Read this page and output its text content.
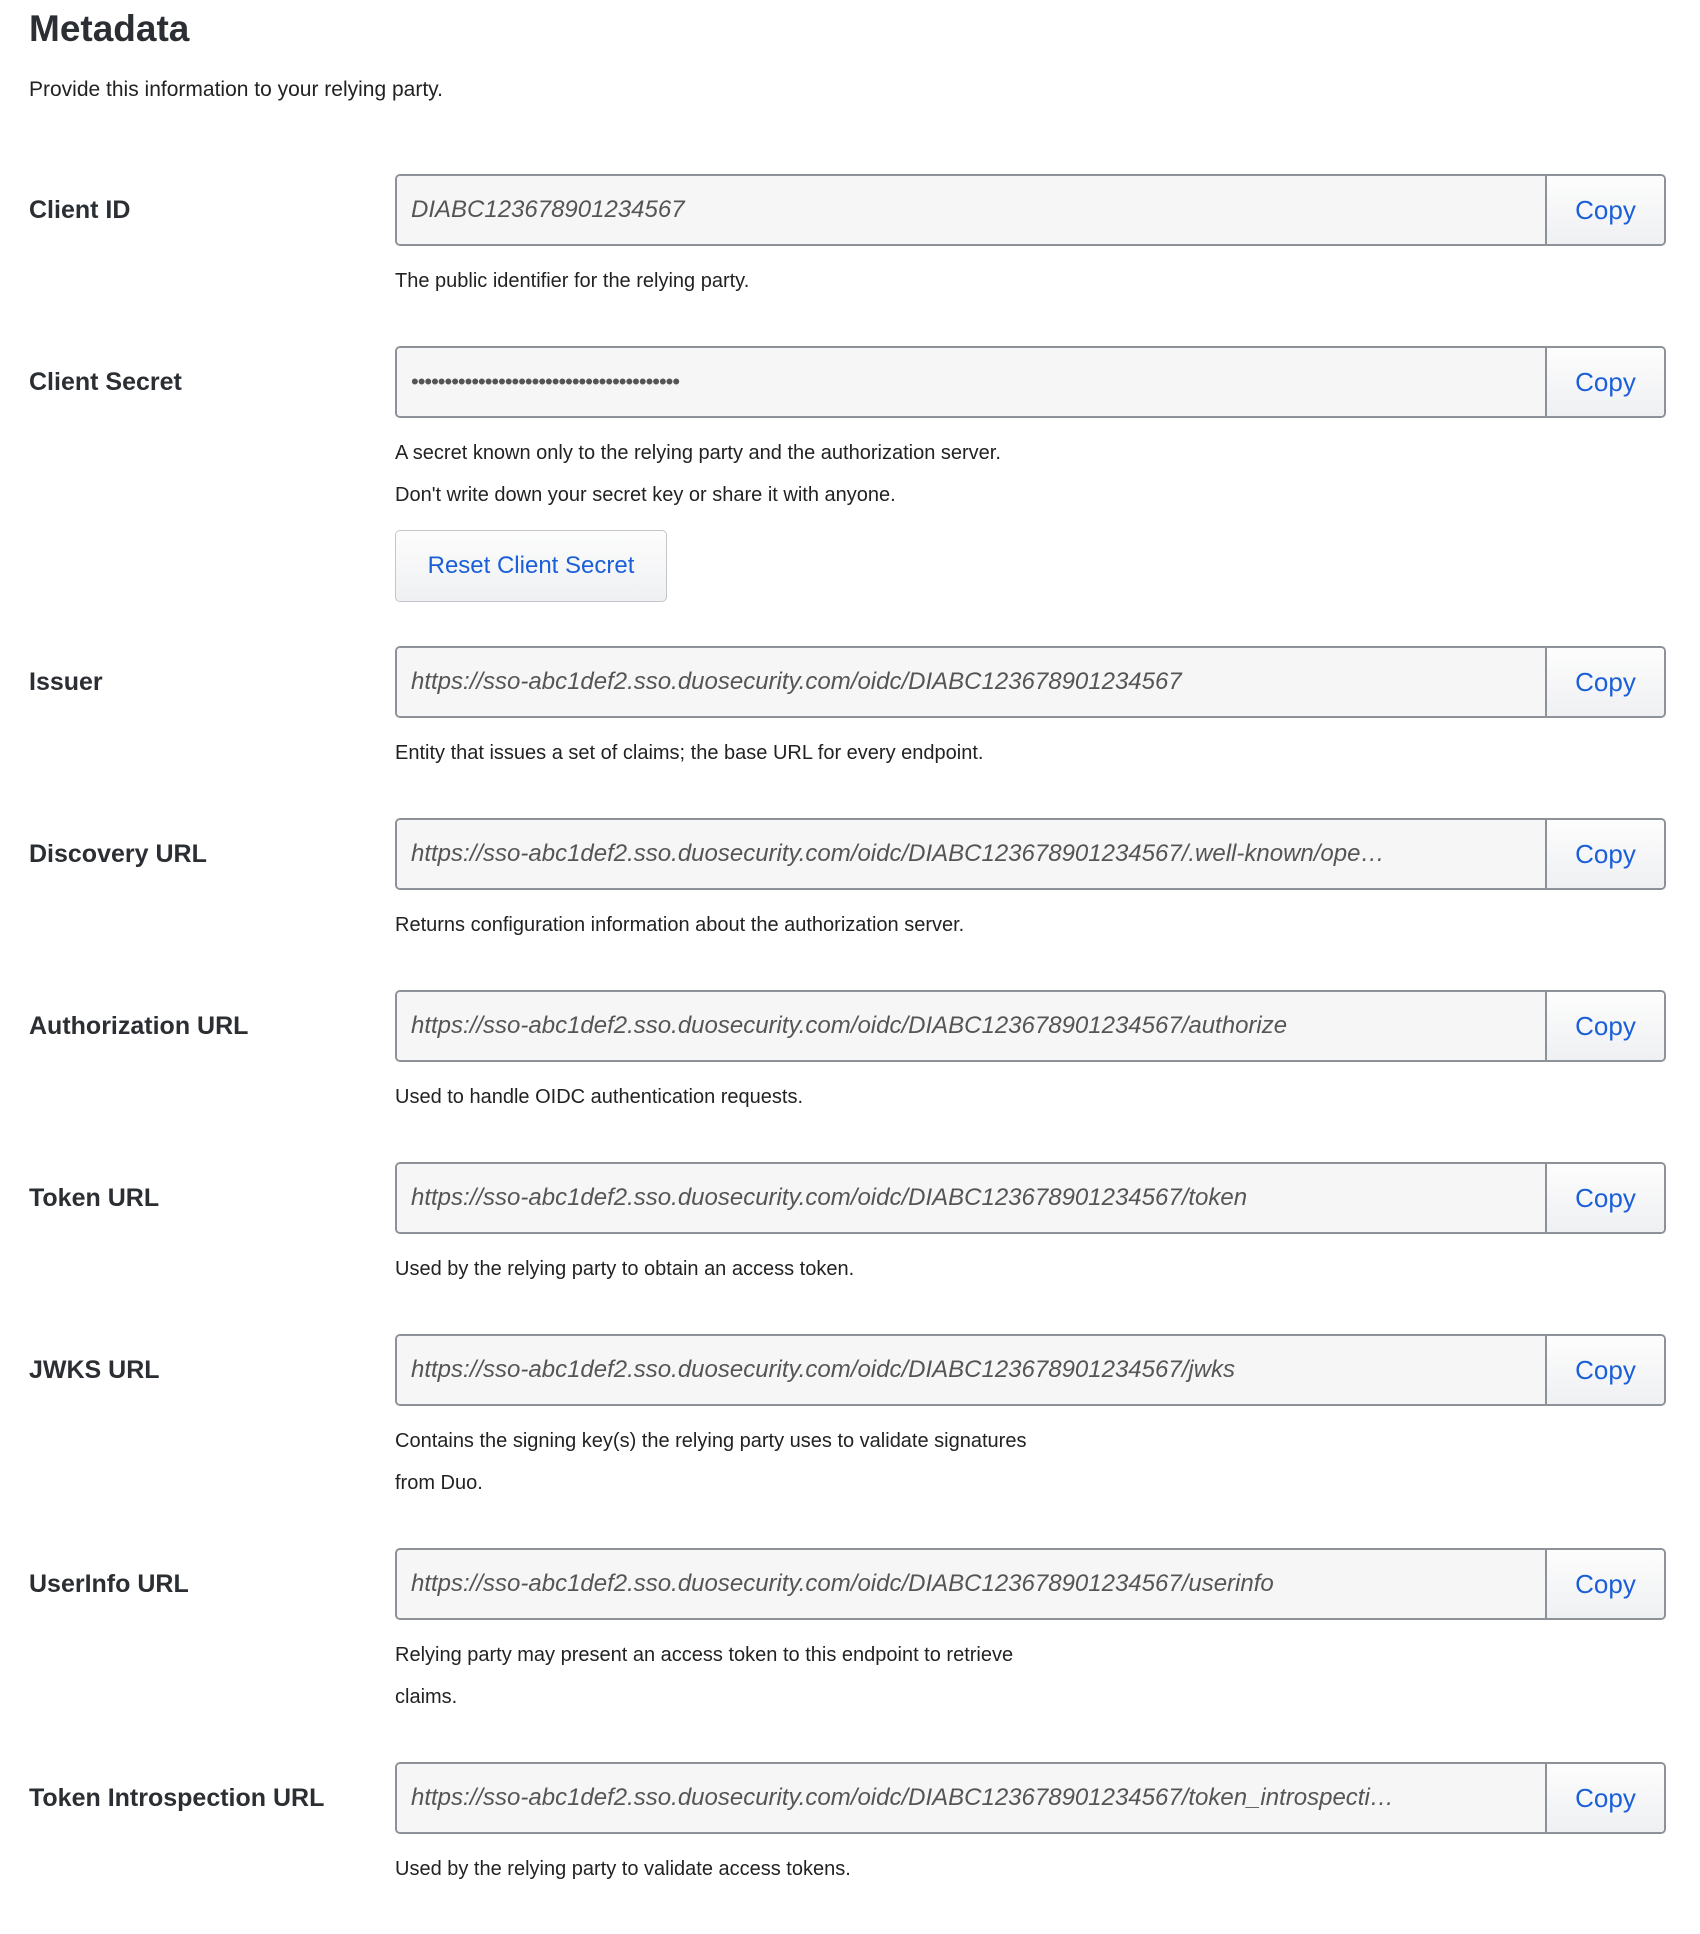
Metadata
Provide this information to your relying party.
Client ID	DIABC123678901234567	Copy
The public identifier for the relying party.
Client Secret	••••••••••••••••••••••••••••••••••••••••	Copy
A secret known only to the relying party and the authorization server.
Don't write down your secret key or share it with anyone.
Reset Client Secret
Issuer	https://sso-abc1def2.sso.duosecurity.com/oidc/DIABC123678901234567	Copy
Entity that issues a set of claims; the base URL for every endpoint.
Discovery URL	https://sso-abc1def2.sso.duosecurity.com/oidc/DIABC123678901234567/.well-known/ope…	Copy
Returns configuration information about the authorization server.
Authorization URL	https://sso-abc1def2.sso.duosecurity.com/oidc/DIABC123678901234567/authorize	Copy
Used to handle OIDC authentication requests.
Token URL	https://sso-abc1def2.sso.duosecurity.com/oidc/DIABC123678901234567/token	Copy
Used by the relying party to obtain an access token.
JWKS URL	https://sso-abc1def2.sso.duosecurity.com/oidc/DIABC123678901234567/jwks	Copy
Contains the signing key(s) the relying party uses to validate signatures
from Duo.
UserInfo URL	https://sso-abc1def2.sso.duosecurity.com/oidc/DIABC123678901234567/userinfo	Copy
Relying party may present an access token to this endpoint to retrieve
claims.
Token Introspection URL	https://sso-abc1def2.sso.duosecurity.com/oidc/DIABC123678901234567/token_introspecti…	Copy
Used by the relying party to validate access tokens.
